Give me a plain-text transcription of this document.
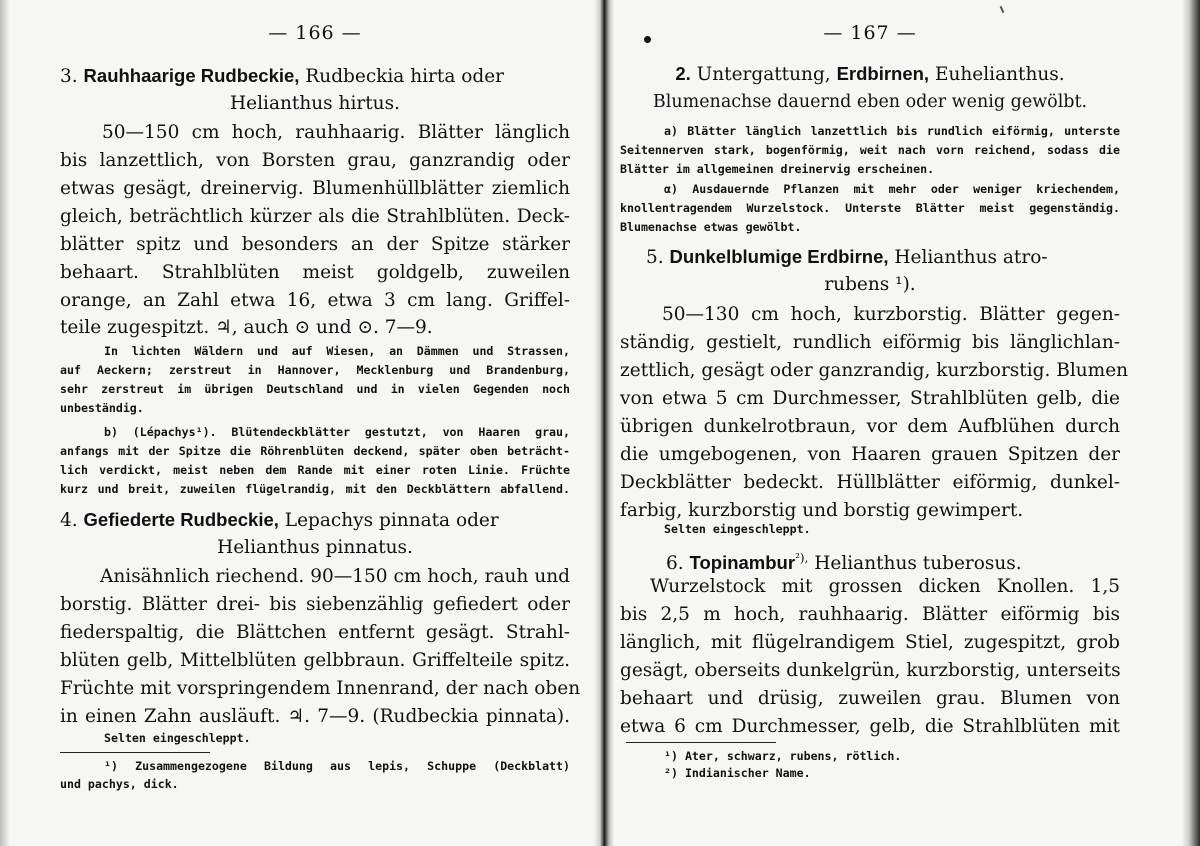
— 166 —
3. Rauhhaarige Rudbeckie, Rudbeckia hirta oder
Helianthus hirtus.
50—150 cm hoch, rauhhaarig. Blätter länglich
bis lanzettlich, von Borsten grau, ganzrandig oder
etwas gesägt, dreinervig. Blumenhüllblätter ziemlich
gleich, beträchtlich kürzer als die Strahlblüten. Deck-
blätter spitz und besonders an der Spitze stärker
behaart. Strahlblüten meist goldgelb, zuweilen
orange, an Zahl etwa 16, etwa 3 cm lang. Griffel-
teile zugespitzt. ♃, auch ⊙ und ⊙. 7—9.
In lichten Wäldern und auf Wiesen, an Dämmen und Strassen,
auf Aeckern; zerstreut in Hannover, Mecklenburg und Brandenburg,
sehr zerstreut im übrigen Deutschland und in vielen Gegenden noch
unbeständig.
b) (Lépachys¹). Blütendeckblätter gestutzt, von Haaren grau,
anfangs mit der Spitze die Röhrenblüten deckend, später oben beträcht-
lich verdickt, meist neben dem Rande mit einer roten Linie. Früchte
kurz und breit, zuweilen flügelrandig, mit den Deckblättern abfallend.
4. Gefiederte Rudbeckie, Lepachys pinnata oder
Helianthus pinnatus.
Anisähnlich riechend. 90—150 cm hoch, rauh und
borstig. Blätter drei- bis siebenzählig gefiedert oder
fiederspaltig, die Blättchen entfernt gesägt. Strahl-
blüten gelb, Mittelblüten gelbbraun. Griffelteile spitz.
Früchte mit vorspringendem Innenrand, der nach oben
in einen Zahn ausläuft. ♃. 7—9. (Rudbeckia pinnata).
Selten eingeschleppt.
¹) Zusammengezogene Bildung aus lepis, Schuppe (Deckblatt)
und pachys, dick.
— 167 —
2. Untergattung, Erdbirnen, Euhelianthus.
Blumenachse dauernd eben oder wenig gewölbt.
a) Blätter länglich lanzettlich bis rundlich eiförmig, unterste
Seitennerven stark, bogenförmig, weit nach vorn reichend, sodass die
Blätter im allgemeinen dreinervig erscheinen.
α) Ausdauernde Pflanzen mit mehr oder weniger kriechendem,
knollentragendem Wurzelstock. Unterste Blätter meist gegenständig.
Blumenachse etwas gewölbt.
5. Dunkelblumige Erdbirne, Helianthus atro-
rubens ¹).
50—130 cm hoch, kurzborstig. Blätter gegen-
ständig, gestielt, rundlich eiförmig bis länglichlan-
zettlich, gesägt oder ganzrandig, kurzborstig. Blumen
von etwa 5 cm Durchmesser, Strahlblüten gelb, die
übrigen dunkelrotbraun, vor dem Aufblühen durch
die umgebogenen, von Haaren grauen Spitzen der
Deckblätter bedeckt. Hüllblätter eiförmig, dunkel-
farbig, kurzborstig und borstig gewimpert.
Selten eingeschleppt.
6. Topinambur$^{^2),}$ Helianthus tuberosus.
Wurzelstock mit grossen dicken Knollen. 1,5
bis 2,5 m hoch, rauhhaarig. Blätter eiförmig bis
länglich, mit flügelrandigem Stiel, zugespitzt, grob
gesägt, oberseits dunkelgrün, kurzborstig, unterseits
behaart und drüsig, zuweilen grau. Blumen von
etwa 6 cm Durchmesser, gelb, die Strahlblüten mit
¹) Ater, schwarz, rubens, rötlich.
²) Indianischer Name.
